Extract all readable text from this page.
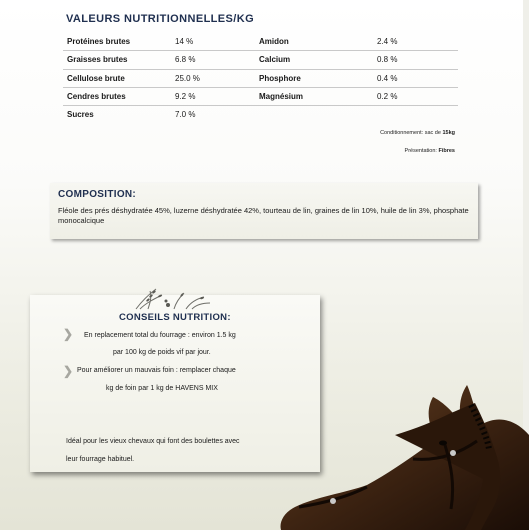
VALEURS NUTRITIONNELLES/KG
Protéines brutes	14 %	Amidon	2.4 %
Graisses brutes	6.8 %	Calcium	0.8 %
Cellulose brute	25.0 %	Phosphore	0.4 %
Cendres brutes	9.2 %	Magnésium	0.2 %
Sucres	7.0 %		
Conditionnement: sac de 15kg
Présentation: Fibres
COMPOSITION:
Fléole des prés déshydratée 45%, luzerne déshydratée 42%, tourteau de lin, graines de lin 10%, huile de lin 3%, phosphate monocalcique
CONSEILS NUTRITION:
❯
❯
En replacement total du fourrage : environ 1.5 kg
par 100 kg de poids vif par jour.
Pour améliorer un mauvais foin : remplacer chaque
kg de foin par 1 kg de HAVENS MIX
Idéal pour les vieux chevaux qui font des boulettes avec
leur fourrage habituel.
